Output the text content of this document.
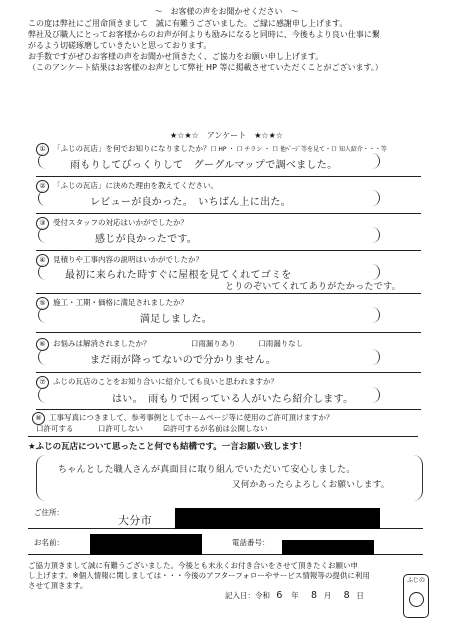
～　お客様の声をお聞かせください　～
この度は弊社にご用命頂きまして　誠に有難うございました。ご縁に感謝申し上げます。
弊社及び職人にとってお客様からのお声が何よりも励みになると同時に、今後もより良い仕事に繋
がるよう切磋琢磨していきたいと思っております。
お手数ですがぜひお客様の声をお聞かせ頂きたく、ご協力をお願い申し上げます。
（このアンケート結果はお客様のお声として弊社 HP 等に掲載させていただくことがございます。）
★☆★☆　アンケート　★☆★☆
① 「ふじの瓦店」を何でお知りになりましたか？口 HP ・ 口 チラシ ・ 口 他ﾍﾟｰｼﾞ等を見て・口 知人紹介・・・等
雨もりしてびっくりして　グーグルマップで調べました。
② 「ふじの瓦店」に決めた理由を教えてください。
レビューが良かった。　いちばん上に出た。
③ 受付スタッフの対応はいかがでしたか？
感じが良かったです。
④ 見積りや工事内容の説明はいかがでしたか？
最初に来られた時すぐに屋根を見てくれてゴミを
とりのぞいてくれてありがたかったです。
⑤ 施工・工期・価格に満足されましたか？
満足しました。
⑥ お悩みは解消されましたか？	口雨漏りあり	口雨漏りなし
まだ雨が降ってないので分かりません。
⑦ ふじの瓦店のことをお知り合いに紹介しても良いと思われますか？
はい。　雨もりで困っている人がいたら紹介します。
⑧ 工事写真につきまして、参考事例としてホームページ等に使用のご許可頂けますか？
口許可する	口許可しない	☑許可するが名前は公開しない
★ふじの瓦店について思ったこと何でも結構です。一言お願い致します！
ちゃんとした職人さんが真面目に取り組んでいただいて安心しました。
又何かあったらよろしくお願いします。
ご住所：
大分市
お名前：	電話番号：
ご協力頂きまして誠に有難うございました。今後とも末永くお付き合いをさせて頂きたくお願い申
し上げます。※個人情報に関しましては・・・今後のアフターフォローやサービス情報等の提供に利用
させて頂きます。
記入日：令和 6 年 8 月 8 日
ふじの
